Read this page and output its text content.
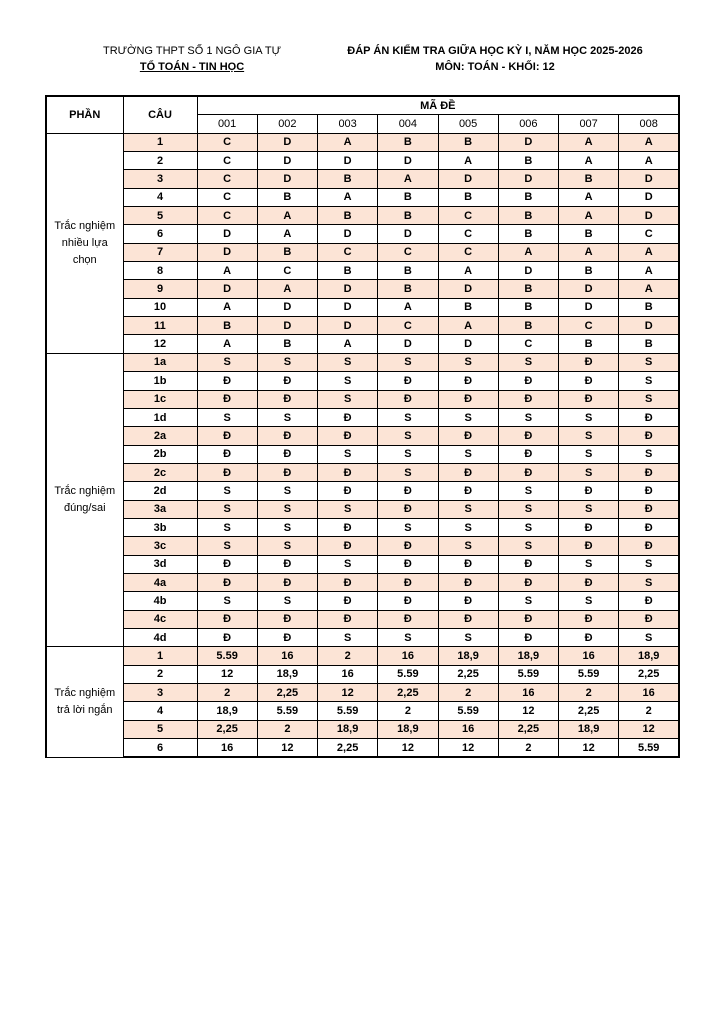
TRƯỜNG THPT SỐ 1 NGÔ GIA TỰ
TỔ TOÁN - TIN HỌC
ĐÁP ÁN KIỂM TRA GIỮA HỌC KỲ I, NĂM HỌC 2025-2026
MÔN: TOÁN - KHỐI: 12
PHẦN	CÂU	MÃ ĐỀ							
		001	002	003	004	005	006	007	008
Trắc nghiệm nhiều lựa chọn	1	C	D	A	B	B	D	A	A
	2	C	D	D	D	A	B	A	A
	3	C	D	B	A	D	D	B	D
	4	C	B	A	B	B	B	A	D
	5	C	A	B	B	C	B	A	D
	6	D	A	D	D	C	B	B	C
	7	D	B	C	C	C	A	A	A
	8	A	C	B	B	A	D	B	A
	9	D	A	D	B	D	B	D	A
	10	A	D	D	A	B	B	D	B
	11	B	D	D	C	A	B	C	D
	12	A	B	A	D	D	C	B	B
Trắc nghiệm đúng/sai	1a	S	S	S	S	S	S	Đ	S
	1b	Đ	Đ	S	Đ	Đ	Đ	Đ	S
	1c	Đ	Đ	S	Đ	Đ	Đ	Đ	S
	1d	S	S	Đ	S	S	S	S	Đ
	2a	Đ	Đ	Đ	S	Đ	Đ	S	Đ
	2b	Đ	Đ	S	S	S	Đ	S	S
	2c	Đ	Đ	Đ	S	Đ	Đ	S	Đ
	2d	S	S	Đ	Đ	Đ	S	Đ	Đ
	3a	S	S	S	Đ	S	S	S	Đ
	3b	S	S	Đ	S	S	S	Đ	Đ
	3c	S	S	Đ	Đ	S	S	Đ	Đ
	3d	Đ	Đ	S	Đ	Đ	Đ	S	S
	4a	Đ	Đ	Đ	Đ	Đ	Đ	Đ	S
	4b	S	S	Đ	Đ	Đ	S	S	Đ
	4c	Đ	Đ	Đ	Đ	Đ	Đ	Đ	Đ
	4d	Đ	Đ	S	S	S	Đ	Đ	S
Trắc nghiệm trả lời ngắn	1	5.59	16	2	16	18,9	18,9	16	18,9
	2	12	18,9	16	5.59	2,25	5.59	5.59	2,25
	3	2	2,25	12	2,25	2	16	2	16
	4	18,9	5.59	5.59	2	5.59	12	2,25	2
	5	2,25	2	18,9	18,9	16	2,25	18,9	12
	6	16	12	2,25	12	12	2	12	5.59
